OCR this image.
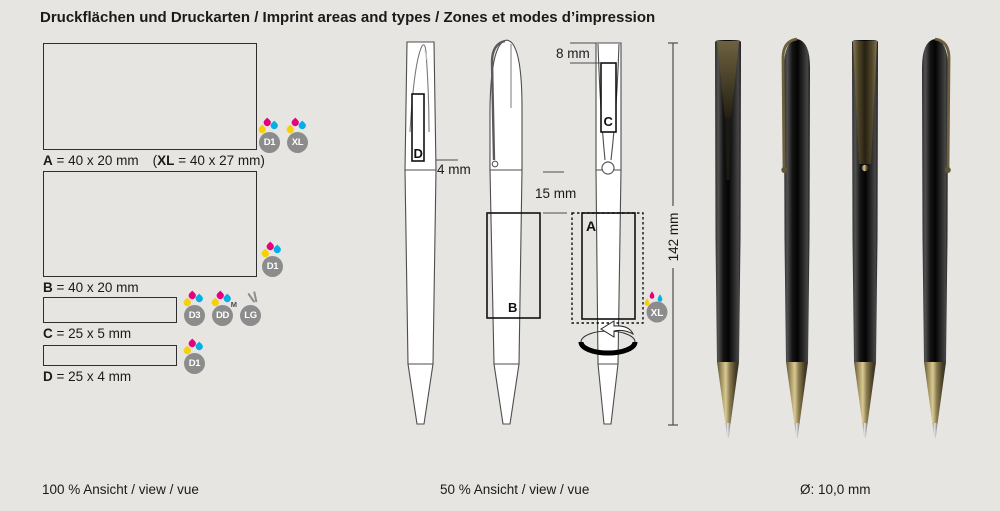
Druckflächen und Druckarten / Imprint areas and types / Zones et modes d’impression
A = 40 x 20 mm (XL = 40 x 27 mm)
D1	XL
B = 40 x 20 mm
D1
C = 25 x 5 mm
D3
M
DD	LG
D = 25 x 4 mm
D1
D
4 mm
B
15 mm
C
8 mm
A
XL
142 mm
100 % Ansicht / view / vue	50 % Ansicht / view / vue	Ø: 10,0 mm
